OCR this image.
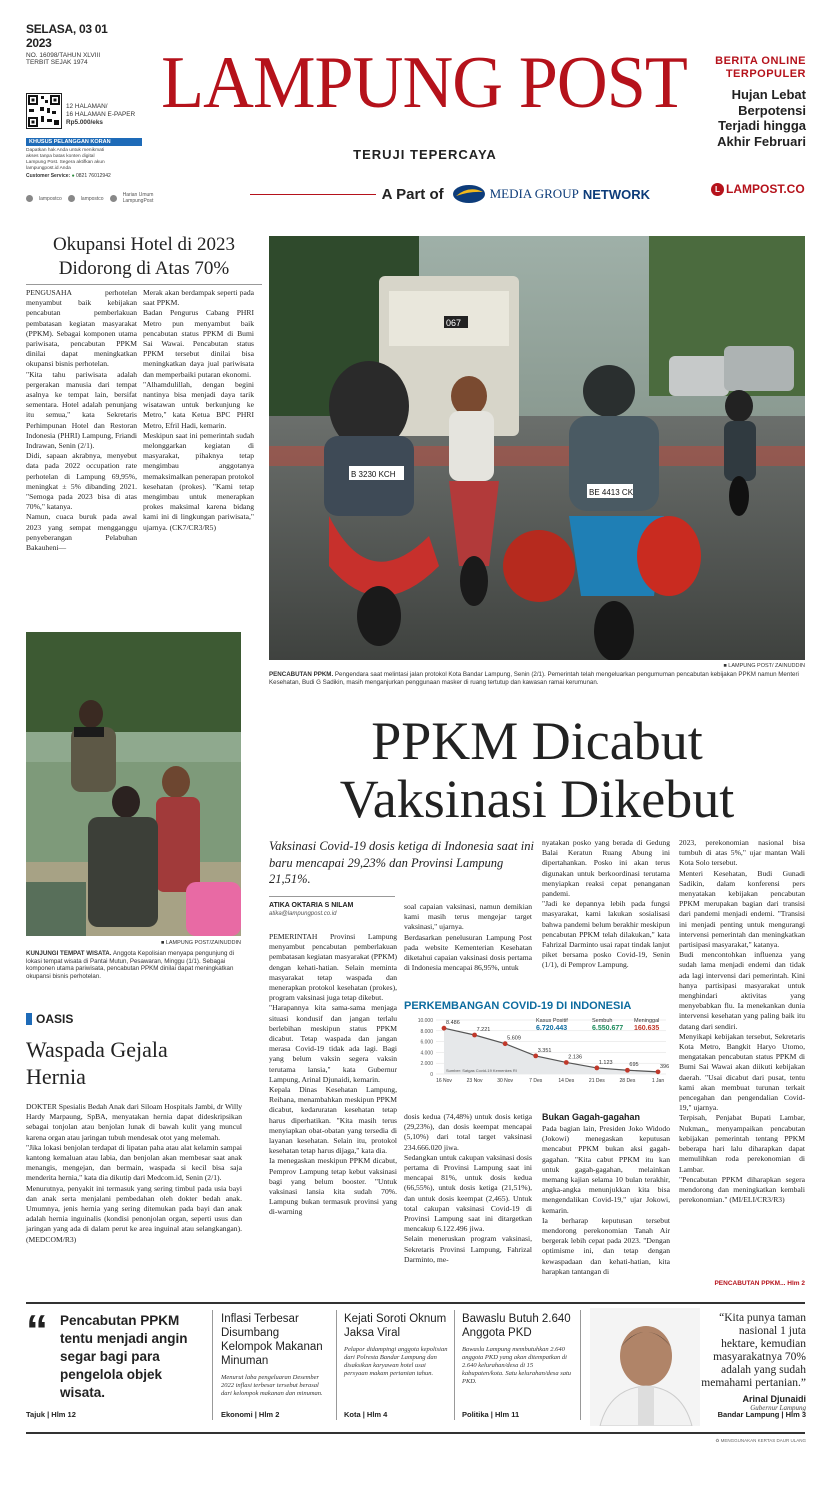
SELASA, 03 01 2023
NO. 16098/TAHUN XLVIII
TERBIT SEJAK 1974
12 HALAMAN/
16 HALAMAN E-PAPER
Rp5.000/eks
KHUSUS PELANGGAN KORAN
Dapatkan hak Anda untuk menikmati akses tanpa batas konten digital Lampung Post. Segera aktifkan akun lampungpost.id Anda
Customer Service: ● 0821 76012942
lampostco	lampostco
Harian Umum LampungPost
LAMPUNG POST
TERUJI TEPERCAYA
A Part of	MEDIA GROUP NETWORK
BERITA ONLINE TERPOPULER
Hujan Lebat Berpotensi Terjadi hingga Akhir Februari
L LAMPOST.CO
Okupansi Hotel di 2023 Didorong di Atas 70%
PENGUSAHA perhotelan menyambut baik kebijakan pencabutan pemberlakuan pembatasan kegiatan masyarakat (PPKM). Sebagai komponen utama pariwisata, pencabutan PPKM dinilai dapat meningkatkan okupansi bisnis perhotelan.
"Kita tahu pariwisata adalah pergerakan manusia dari tempat asalnya ke tempat lain, bersifat sementara. Hotel adalah penunjang itu semua," kata Sekretaris Perhimpunan Hotel dan Restoran Indonesia (PHRI) Lampung, Friandi Indrawan, Senin (2/1).
Didi, sapaan akrabnya, menyebut data pada 2022 occupation rate perhotelan di Lampung 69,95%, meningkat ± 5% dibanding 2021. "Semoga pada 2023 bisa di atas 70%," katanya.
Namun, cuaca buruk pada awal 2023 yang sempat mengganggu penyeberangan Pelabuhan Bakauheni—
Merak akan berdampak seperti pada saat PPKM.
Badan Pengurus Cabang PHRI Metro pun menyambut baik pencabutan status PPKM di Bumi Sai Wawai. Pencabutan status PPKM tersebut dinilai bisa meningkatkan daya jual pariwisata dan memperbaiki putaran ekonomi.
"Alhamdulillah, dengan begini nantinya bisa menjadi daya tarik wisatawan untuk berkunjung ke Metro," kata Ketua BPC PHRI Metro, Efril Hadi, kemarin.
Meskipun saat ini pemerintah sudah melonggarkan kegiatan di masyarakat, pihaknya tetap mengimbau anggotanya memaksimalkan penerapan protokol kesehatan (prokes). "Kami tetap mengimbau untuk menerapkan prokes maksimal karena bidang kami ini di lingkungan pariwisata," ujarnya. (CK7/CR3/R5)
067
B 3230 KCH
BE 4413 CK
■ LAMPUNG POST/ ZAINUDDIN
PENCABUTAN PPKM. Pengendara saat melintasi jalan protokol Kota Bandar Lampung, Senin (2/1). Pemerintah telah mengeluarkan pengumuman pencabutan kebijakan PPKM namun Menteri Kesehatan, Budi G Sadikin, masih menganjurkan penggunaan masker di ruang tertutup dan kawasan ramai kerumunan.
■ LAMPUNG POST/ZAINUDDIN
KUNJUNGI TEMPAT WISATA. Anggota Kepolisian menyapa pengunjung di lokasi tempat wisata di Pantai Mutun, Pesawaran, Minggu (1/1). Sebagai komponen utama pariwisata, pencabutan PPKM dinilai dapat meningkatkan okupansi bisnis perhotelan.
OASIS
Waspada Gejala Hernia
DOKTER Spesialis Bedah Anak dari Siloam Hospitals Jambi, dr Willy Hardy Marpaung, SpBA, menyatakan hernia dapat dideskripsikan sebagai tonjolan atau benjolan lunak di bawah kulit yang muncul karena organ atau jaringan tubuh mendesak otot yang melemah.
"Jika lokasi benjolan terdapat di lipatan paha atau alat kelamin sampai kantong kemaluan atau labia, dan benjolan akan membesar saat anak menangis, mengejan, dan bermain, waspada si kecil bisa saja menderita hernia," kata dia dikutip dari Medcom.id, Senin (2/1).
Menurutnya, penyakit ini termasuk yang sering timbul pada usia bayi dan anak serta menjalani pembedahan oleh dokter bedah anak. Umumnya, jenis hernia yang sering ditemukan pada bayi dan anak adalah hernia inguinalis (kondisi penonjolan organ, seperti usus dan jaringan yang ada di dalam perut ke area inguinal atau selangkangan). (MEDCOM/R3)
PPKM Dicabut
Vaksinasi Dikebut
Vaksinasi Covid-19 dosis ketiga di Indonesia saat ini baru mencapai 29,23% dan Provinsi Lampung 21,51%.
ATIKA OKTARIA S NILAM
atika@lampungpost.co.id
PEMERINTAH Provinsi Lampung menyambut pencabutan pemberlakuan pembatasan kegiatan masyarakat (PPKM) dengan kehati-hatian. Selain meminta masyarakat tetap waspada dan menerapkan protokol kesehatan (prokes), program vaksinasi juga tetap dikebut.
"Harapannya kita sama-sama menjaga situasi kondusif dan jangan terlalu berlebihan meskipun status PPKM dicabut. Tetap waspada dan jangan merasa Covid-19 tidak ada lagi. Bagi yang belum vaksin segera vaksin terutama lansia," kata Gubernur Lampung, Arinal Djunaidi, kemarin.
Kepala Dinas Kesehatan Lampung, Reihana, menambahkan meskipun PPKM dicabut, kedaruratan kesehatan tetap harus diperhatikan. "Kita masih terus menyiapkan obat-obatan yang tersedia di layanan kesehatan. Selain itu, protokol kesehatan tetap harus dijaga," kata dia.
Ia menegaskan meskipun PPKM dicabut, Pemprov Lampung tetap kebut vaksinasi bagi yang belum booster. "Untuk vaksinasi lansia kita sudah 70%. Lampung bukan termasuk provinsi yang di-warning
soal capaian vaksinasi, namun demikian kami masih terus mengejar target vaksinasi," ujarnya.
Berdasarkan penelusuran Lampung Post pada website Kementerian Kesehatan diketahui capaian vaksinasi dosis pertama di Indonesia mencapai 86,95%, untuk
PERKEMBANGAN COVID-19 DI INDONESIA
10.000
8.000
6.000
4.000
2.000
0
8.486
16 Nov
7.221
23 Nov
5.609
30 Nov
3.351
7 Des
2.136
14 Des
1.123
21 Des
695
28 Des
396
1 Jan
Sumber: Satgas Covid-19 Kemenkes RI
Kasus Positif
6.720.443
Sembuh
6.550.677
Meninggal
160.635
dosis kedua (74,48%) untuk dosis ketiga (29,23%), dan dosis keempat mencapai (5,10%) dari total target vaksinasi 234.666.020 jiwa.
Sedangkan untuk cakupan vaksinasi dosis pertama di Provinsi Lampung saat ini mencapai 81%, untuk dosis kedua (66,55%), untuk dosis ketiga (21,51%), dan untuk dosis keempat (2,465). Untuk total cakupan vaksinasi Covid-19 di Provinsi Lampung saat ini ditargetkan mencakup 6.122.496 jiwa.
Selain meneruskan program vaksinasi, Sekretaris Provinsi Lampung, Fahrizal Darminto, me-
nyatakan posko yang berada di Gedung Balai Keratun Ruang Abung ini dipertahankan. Posko ini akan terus digunakan untuk berkoordinasi terutama menyiapkan reaksi cepat penanganan pandemi.
"Jadi ke depannya lebih pada fungsi masyarakat, kami lakukan sosialisasi bahwa pandemi belum berakhir meskipun pencabutan PPKM telah dilakukan," kata Fahrizal Darminto usai rapat tindak lanjut piket bersama posko Covid-19, Senin (1/1), di Pemprov Lampung.
Bukan Gagah-gagahan
Pada bagian lain, Presiden Joko Widodo (Jokowi) menegaskan keputusan mencabut PPKM bukan aksi gagah-gagahan. "Kita cabut PPKM itu kan untuk gagah-gagahan, melainkan memang kajian selama 10 bulan terakhir, angka-angka menunjukkan kita bisa mengendalikan Covid-19," ujar Jokowi, kemarin.
Ia berharap keputusan tersebut mendorong perekonomian Tanah Air bergerak lebih cepat pada 2023. "Dengan optimisme ini, dan tetap dengan kewaspadaan dan kehati-hatian, kita harapkan tantangan di
2023, perekonomian nasional bisa tumbuh di atas 5%," ujar mantan Wali Kota Solo tersebut.
Menteri Kesehatan, Budi Gunadi Sadikin, dalam konferensi pers menyatakan kebijakan pencabutan PPKM merupakan bagian dari transisi dari pandemi menjadi endemi. "Transisi ini menjadi penting untuk mengurangi intervensi pemerintah dan meningkatkan partisipasi masyarakat," katanya.
Budi mencontohkan influenza yang sudah lama menjadi endemi dan tidak ada lagi intervensi dari pemerintah. Kini hanya partisipasi masyarakat untuk menghindari aktivitas yang menyebabkan flu. Ia menekankan dunia intervensi kesehatan yang paling baik itu datang dari sendiri.
Menyikapi kebijakan tersebut, Sekretaris Kota Metro, Bangkit Haryo Utomo, mengatakan pencabutan status PPKM di Bumi Sai Wawai akan diikuti kebijakan daerah. "Usai dicabut dari pusat, tentu kami akan membuat turunan terkait pencegahan dan pengendalian Covid-19," ujarnya.
Terpisah, Penjabat Bupati Lambar, Nukman,, menyampaikan pencabutan kebijakan pemerintah tentang PPKM beberapa hari lalu diharapkan dapat memulihkan roda perekonomian di Lambar.
"Pencabutan PPKM diharapkan segera mendorong dan meningkatkan kembali perekonomian." (MI/ELI/CR3/R3)
PENCABUTAN PPKM... Hlm 2
“ Pencabutan PPKM tentu menjadi angin segar bagi para pengelola objek wisata.
Tajuk | Hlm 12
Inflasi Terbesar Disumbang Kelompok Makanan Minuman
Menurut laba pengeluaran Desember 2022 inflasi terbesar tersebut berasal dari kelompok makanan dan minuman.
Ekonomi | Hlm 2
Kejati Soroti Oknum Jaksa Viral
Pelapor didampingi anggota kepolisian dari Polresta Bandar Lampung dan disaksikan karyawan hotel usai persyaan makam pertanian tahun.
Kota | Hlm 4
Bawaslu Butuh 2.640 Anggota PKD
Bawaslu Lampung membutuhkan 2.640 anggota PKD yang akan ditempatkan di 2.640 kelurahan/desa di 15 kabupaten/kota. Satu kelurahan/desa satu PKD.
Politika | Hlm 11
“Kita punya taman nasional 1 juta hektare, kemudian masyarakatnya 70% adalah yang sudah memahami pertanian.”
Arinal Djunaidi
Gubernur Lampung
Bandar Lampung | Hlm 3
♻ MENGGUNAKAN KERTAS DAUR ULANG
